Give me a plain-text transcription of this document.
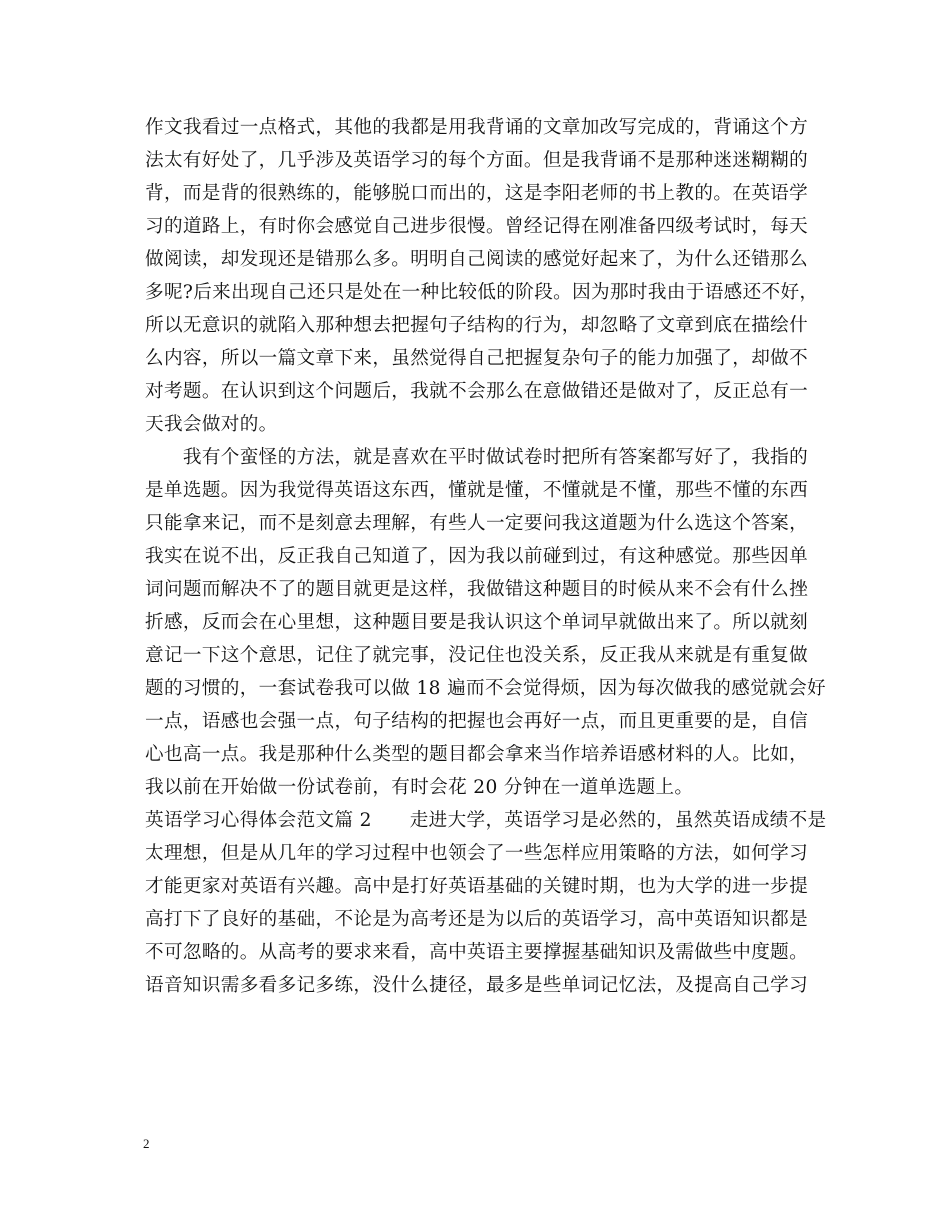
作文我看过一点格式，其他的我都是用我背诵的文章加改写完成的，背诵这个方
法太有好处了，几乎涉及英语学习的每个方面。但是我背诵不是那种迷迷糊糊的
背，而是背的很熟练的，能够脱口而出的，这是李阳老师的书上教的。在英语学
习的道路上，有时你会感觉自己进步很慢。曾经记得在刚准备四级考试时，每天
做阅读，却发现还是错那么多。明明自己阅读的感觉好起来了，为什么还错那么
多呢?后来出现自己还只是处在一种比较低的阶段。因为那时我由于语感还不好，
所以无意识的就陷入那种想去把握句子结构的行为，却忽略了文章到底在描绘什
么内容，所以一篇文章下来，虽然觉得自己把握复杂句子的能力加强了，却做不
对考题。在认识到这个问题后，我就不会那么在意做错还是做对了，反正总有一
天我会做对的。
　　我有个蛮怪的方法，就是喜欢在平时做试卷时把所有答案都写好了，我指的
是单选题。因为我觉得英语这东西，懂就是懂，不懂就是不懂，那些不懂的东西
只能拿来记，而不是刻意去理解，有些人一定要问我这道题为什么选这个答案，
我实在说不出，反正我自己知道了，因为我以前碰到过，有这种感觉。那些因单
词问题而解决不了的题目就更是这样，我做错这种题目的时候从来不会有什么挫
折感，反而会在心里想，这种题目要是我认识这个单词早就做出来了。所以就刻
意记一下这个意思，记住了就完事，没记住也没关系，反正我从来就是有重复做
题的习惯的，一套试卷我可以做 18 遍而不会觉得烦，因为每次做我的感觉就会好
一点，语感也会强一点，句子结构的把握也会再好一点，而且更重要的是，自信
心也高一点。我是那种什么类型的题目都会拿来当作培养语感材料的人。比如，
我以前在开始做一份试卷前，有时会花 20 分钟在一道单选题上。
英语学习心得体会范文篇 2　　走进大学，英语学习是必然的，虽然英语成绩不是
太理想，但是从几年的学习过程中也领会了一些怎样应用策略的方法，如何学习
才能更家对英语有兴趣。高中是打好英语基础的关键时期，也为大学的进一步提
高打下了良好的基础，不论是为高考还是为以后的英语学习，高中英语知识都是
不可忽略的。从高考的要求来看，高中英语主要撑握基础知识及需做些中度题。
语音知识需多看多记多练，没什么捷径，最多是些单词记忆法，及提高自己学习
2
